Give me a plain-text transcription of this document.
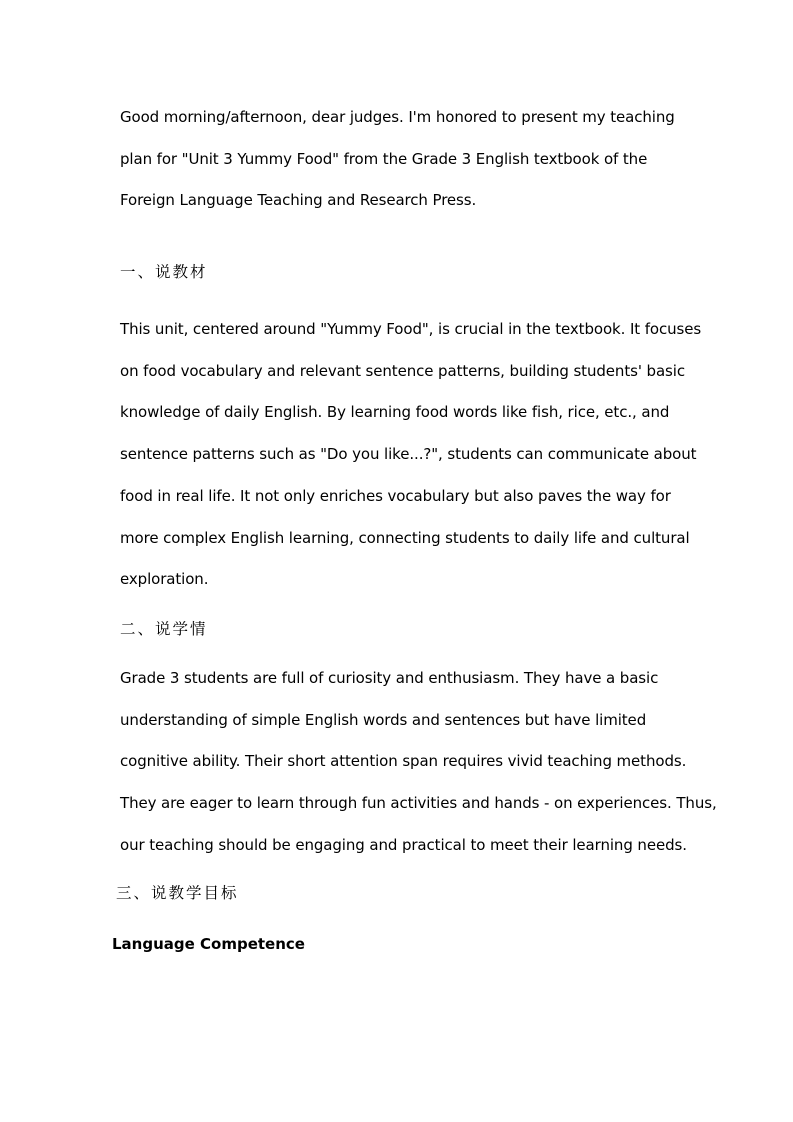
Good morning/afternoon, dear judges. I'm honored to present my teaching
plan for "Unit 3 Yummy Food" from the Grade 3 English textbook of the
Foreign Language Teaching and Research Press.
一、说教材
This unit, centered around "Yummy Food", is crucial in the textbook. It focuses
on food vocabulary and relevant sentence patterns, building students' basic
knowledge of daily English. By learning food words like fish, rice, etc., and
sentence patterns such as "Do you like...?", students can communicate about
food in real life. It not only enriches vocabulary but also paves the way for
more complex English learning, connecting students to daily life and cultural
exploration.
二、说学情
Grade 3 students are full of curiosity and enthusiasm. They have a basic
understanding of simple English words and sentences but have limited
cognitive ability. Their short attention span requires vivid teaching methods.
They are eager to learn through fun activities and hands - on experiences. Thus,
our teaching should be engaging and practical to meet their learning needs.
三、说教学目标
Language Competence
